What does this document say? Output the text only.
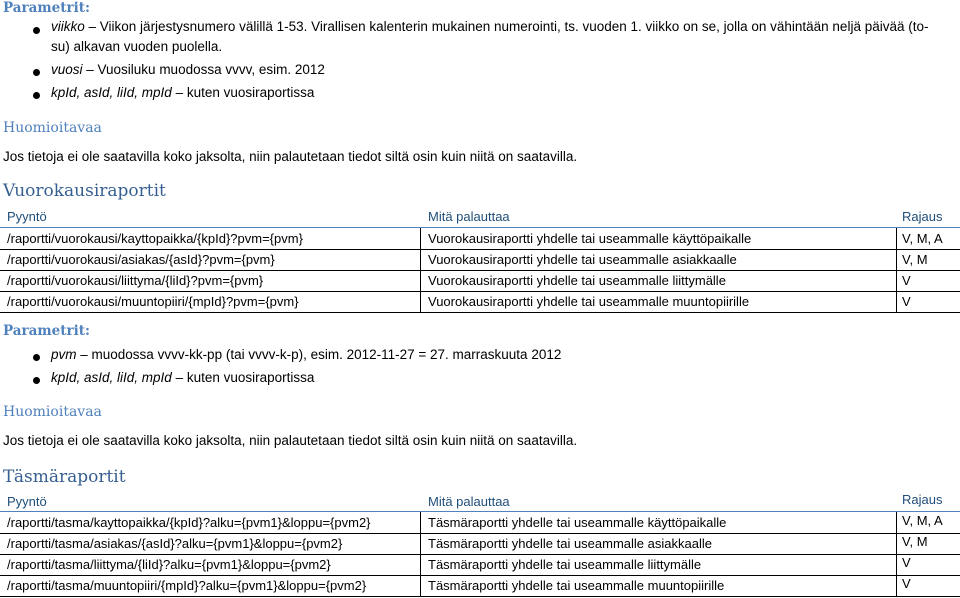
Parametrit:
viikko – Viikon järjestysnumero välillä 1-53. Virallisen kalenterin mukainen numerointi, ts. vuoden 1. viikko on se, jolla on vähintään neljä päivää (to-
su) alkavan vuoden puolella.
vuosi – Vuosiluku muodossa vvvv, esim. 2012
kpId, asId, liId, mpId – kuten vuosiraportissa
Huomioitavaa
Jos tietoja ei ole saatavilla koko jaksolta, niin palautetaan tiedot siltä osin kuin niitä on saatavilla.
Vuorokausiraportit
Pyyntö	Mitä palauttaa	Rajaus
/raportti/vuorokausi/kayttopaikka/{kpId}?pvm={pvm}	Vuorokausiraportti yhdelle tai useammalle käyttöpaikalle	V, M, A
/raportti/vuorokausi/asiakas/{asId}?pvm={pvm}	Vuorokausiraportti yhdelle tai useammalle asiakkaalle	V, M
/raportti/vuorokausi/liittyma/{liId}?pvm={pvm}	Vuorokausiraportti yhdelle tai useammalle liittymälle	V
/raportti/vuorokausi/muuntopiiri/{mpId}?pvm={pvm}	Vuorokausiraportti yhdelle tai useammalle muuntopiirille	V
Parametrit:
pvm – muodossa vvvv-kk-pp (tai vvvv-k-p), esim. 2012-11-27 = 27. marraskuuta 2012
kpId, asId, liId, mpId – kuten vuosiraportissa
Huomioitavaa
Jos tietoja ei ole saatavilla koko jaksolta, niin palautetaan tiedot siltä osin kuin niitä on saatavilla.
Täsmäraportit
Pyyntö	Mitä palauttaa	Rajaus
/raportti/tasma/kayttopaikka/{kpId}?alku={pvm1}&loppu={pvm2}	Täsmäraportti yhdelle tai useammalle käyttöpaikalle	V, M, A
/raportti/tasma/asiakas/{asId}?alku={pvm1}&loppu={pvm2}	Täsmäraportti yhdelle tai useammalle asiakkaalle	V, M
/raportti/tasma/liittyma/{liId}?alku={pvm1}&loppu={pvm2}	Täsmäraportti yhdelle tai useammalle liittymälle	V
/raportti/tasma/muuntopiiri/{mpId}?alku={pvm1}&loppu={pvm2}	Täsmäraportti yhdelle tai useammalle muuntopiirille	V
